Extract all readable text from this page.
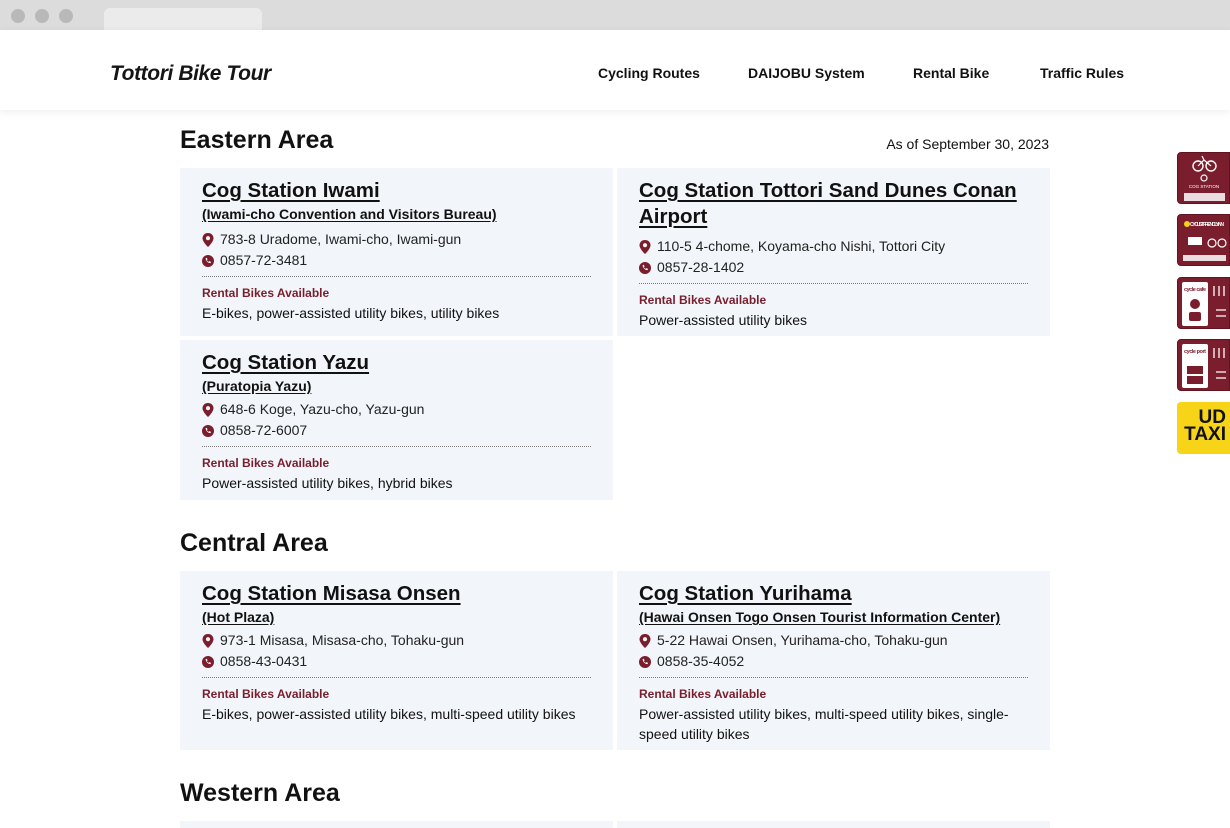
Tottori Bike Tour	Cycling Routes	DAIJOBU System	Rental Bike	Traffic Rules
Eastern Area	As of September 30, 2023
Cog Station Iwami
(Iwami-cho Convention and Visitors Bureau)
783-8 Uradome, Iwami-cho, Iwami-gun
0857-72-3481
Rental Bikes Available
E-bikes, power-assisted utility bikes, utility bikes
Cog Station Tottori Sand Dunes Conan Airport
110-5 4-chome, Koyama-cho Nishi, Tottori City
0857-28-1402
Rental Bikes Available
Power-assisted utility bikes
Cog Station Yazu
(Puratopia Yazu)
648-6 Koge, Yazu-cho, Yazu-gun
0858-72-6007
Rental Bikes Available
Power-assisted utility bikes, hybrid bikes
Central Area
Cog Station Misasa Onsen
(Hot Plaza)
973-1 Misasa, Misasa-cho, Tohaku-gun
0858-43-0431
Rental Bikes Available
E-bikes, power-assisted utility bikes, multi-speed utility bikes
Cog Station Yurihama
(Hawai Onsen Togo Onsen Tourist Information Center)
5-22 Hawai Onsen, Yurihama-cho, Tohaku-gun
0858-35-4052
Rental Bikes Available
Power-assisted utility bikes, multi-speed utility bikes, single-speed utility bikes
Western Area
COG STATION
CYCLIST FRIENDLY INN
cycle cafe
cycle port
UD
TAXI
